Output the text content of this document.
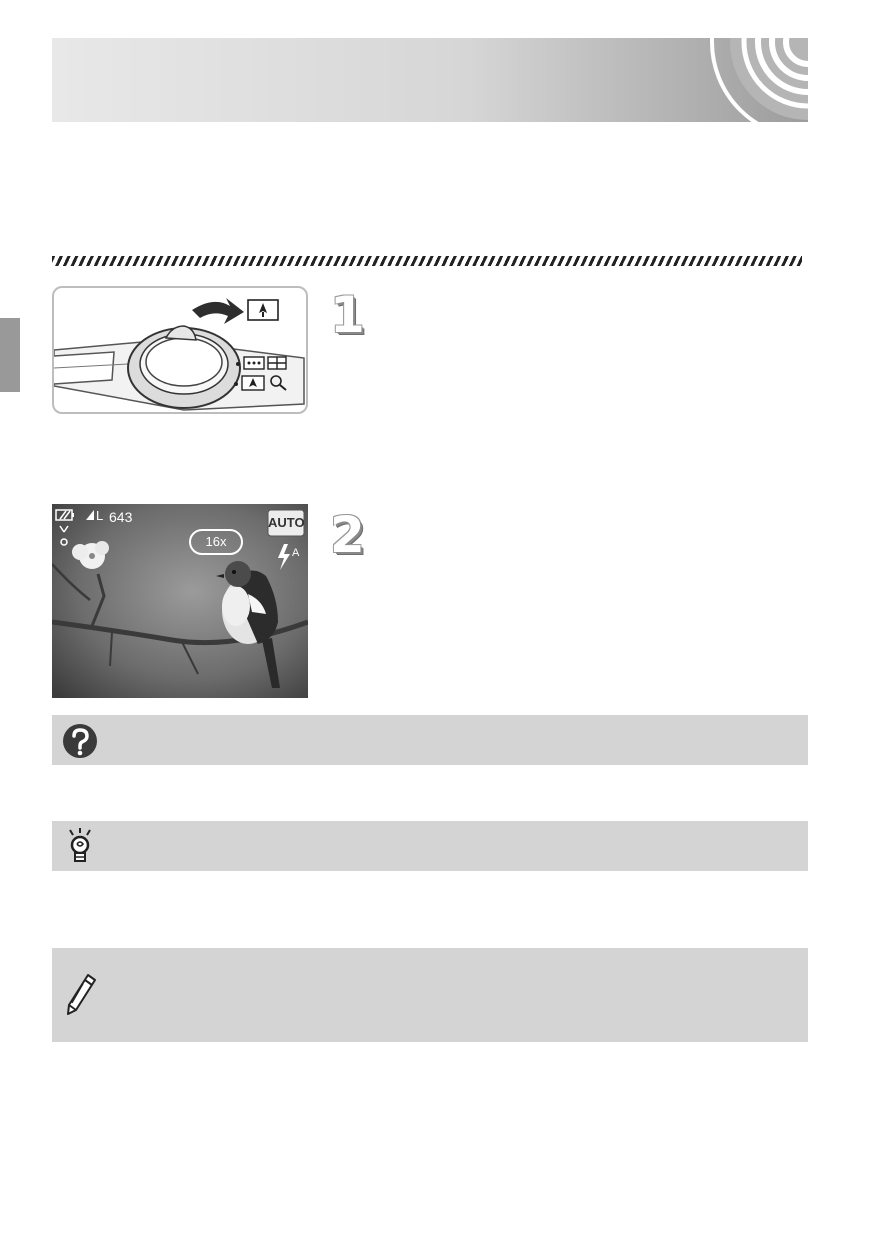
1
L
A
643
16x
AUTO 2
